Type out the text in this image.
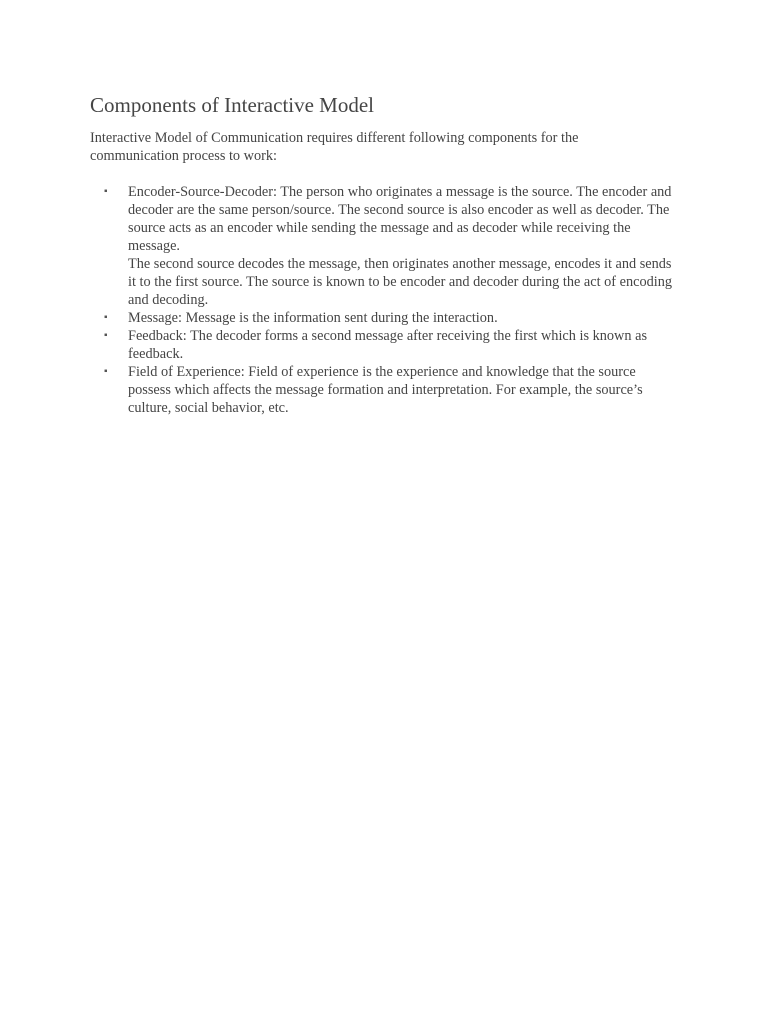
Components of Interactive Model

Interactive Model of Communication requires different following components for the communication process to work:

▪	Encoder-Source-Decoder: The person who originates a message is the source. The encoder and decoder are the same person/source. The second source is also encoder as well as decoder. The source acts as an encoder while sending the message and as decoder while receiving the message.
The second source decodes the message, then originates another message, encodes it and sends it to the first source. The source is known to be encoder and decoder during the act of encoding and decoding.
▪	Message: Message is the information sent during the interaction.
▪	Feedback: The decoder forms a second message after receiving the first which is known as feedback.
▪	Field of Experience: Field of experience is the experience and knowledge that the source possess which affects the message formation and interpretation. For example, the source’s culture, social behavior, etc.
